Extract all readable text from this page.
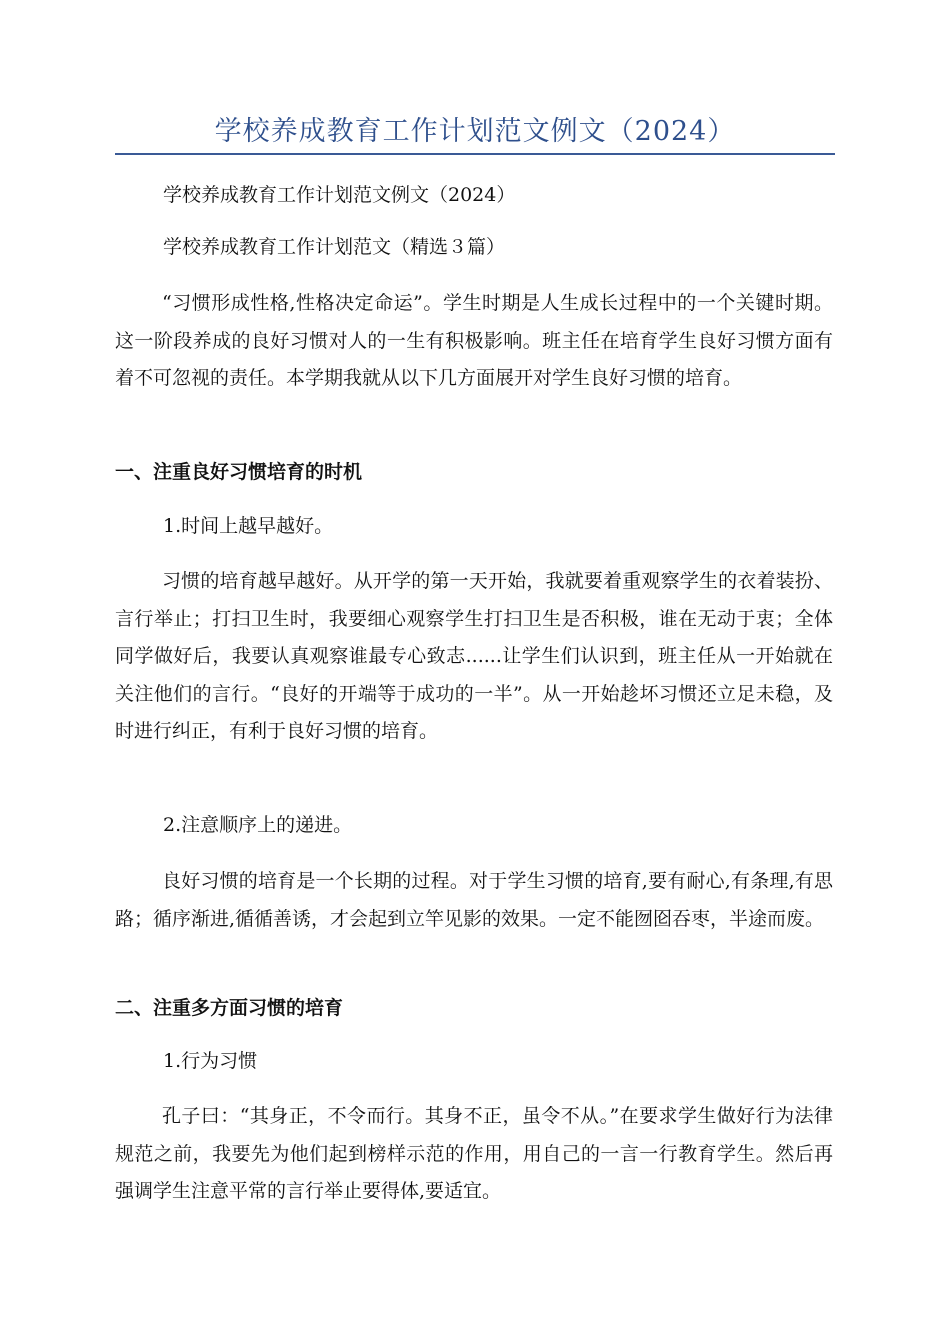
学校养成教育工作计划范文例文（2024）
学校养成教育工作计划范文例文（2024）
学校养成教育工作计划范文（精选３篇）
“习惯形成性格,性格决定命运”。学生时期是人生成长过程中的一个关键时期。这一阶段养成的良好习惯对人的一生有积极影响。班主任在培育学生良好习惯方面有着不可忽视的责任。本学期我就从以下几方面展开对学生良好习惯的培育。
一、注重良好习惯培育的时机
1.时间上越早越好。
习惯的培育越早越好。从开学的第一天开始，我就要着重观察学生的衣着装扮、言行举止；打扫卫生时，我要细心观察学生打扫卫生是否积极，谁在无动于衷；全体同学做好后，我要认真观察谁最专心致志......让学生们认识到，班主任从一开始就在关注他们的言行。“良好的开端等于成功的一半”。从一开始趁坏习惯还立足未稳，及时进行纠正，有利于良好习惯的培育。
2.注意顺序上的递进。
良好习惯的培育是一个长期的过程。对于学生习惯的培育,要有耐心,有条理,有思路；循序渐进,循循善诱，才会起到立竿见影的效果。一定不能囫囵吞枣，半途而废。
二、注重多方面习惯的培育
1.行为习惯
孔子曰：“其身正，不令而行。其身不正，虽令不从。”在要求学生做好行为法律规范之前，我要先为他们起到榜样示范的作用，用自己的一言一行教育学生。然后再强调学生注意平常的言行举止要得体,要适宜。
